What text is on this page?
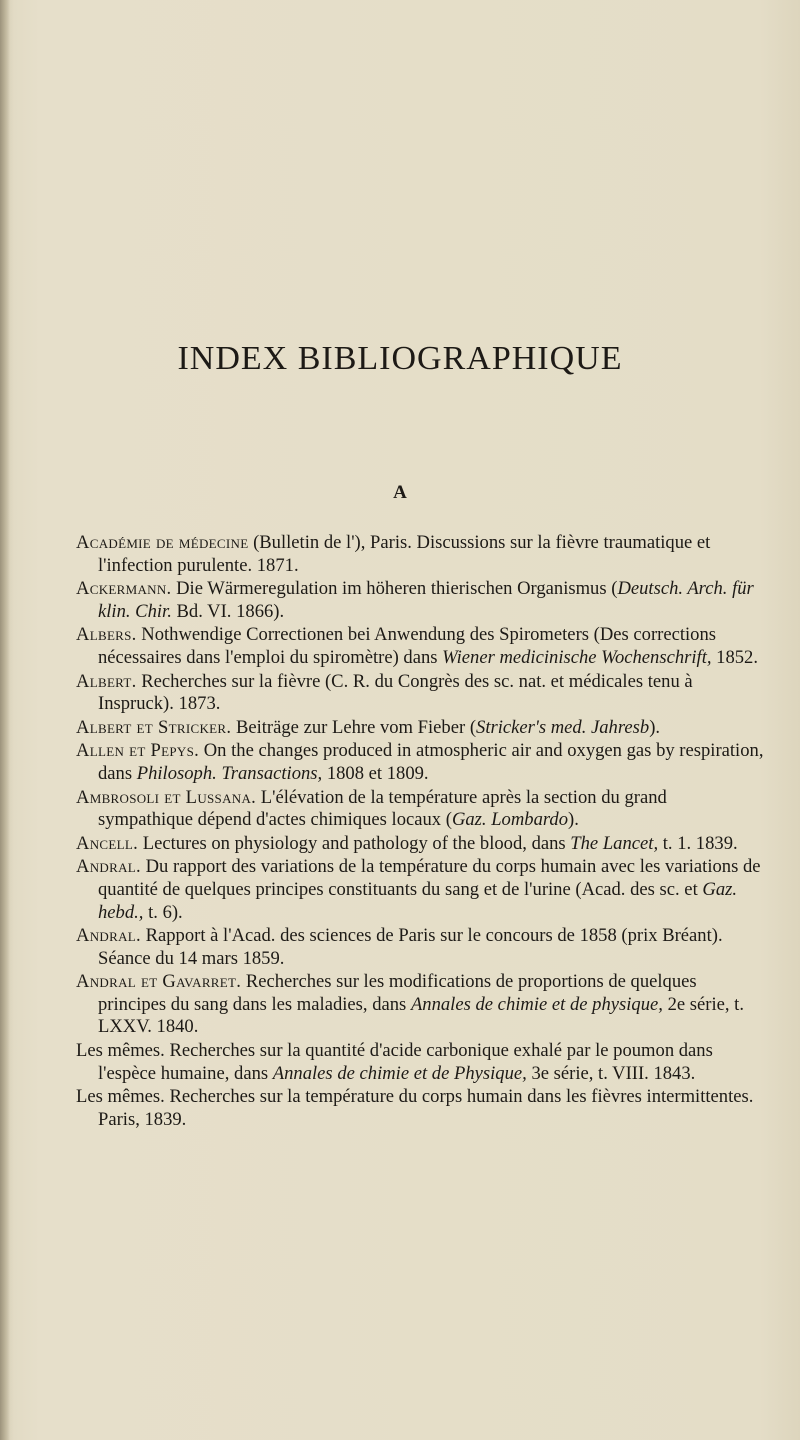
INDEX BIBLIOGRAPHIQUE
A
Académie de médecine (Bulletin de l'), Paris. Discussions sur la fièvre traumatique et l'infection purulente. 1871.
Ackermann. Die Wärmeregulation im höheren thierischen Organismus (Deutsch. Arch. für klin. Chir. Bd. VI. 1866).
Albers. Nothwendige Correctionen bei Anwendung des Spirometers (Des corrections nécessaires dans l'emploi du spiromètre) dans Wiener medicinische Wochenschrift, 1852.
Albert. Recherches sur la fièvre (C. R. du Congrès des sc. nat. et médicales tenu à Inspruck). 1873.
Albert et Stricker. Beiträge zur Lehre vom Fieber (Stricker's med. Jahresb).
Allen et Pepys. On the changes produced in atmospheric air and oxygen gas by respiration, dans Philosoph. Transactions, 1808 et 1809.
Ambrosoli et Lussana. L'élévation de la température après la section du grand sympathique dépend d'actes chimiques locaux (Gaz. Lombardo).
Ancell. Lectures on physiology and pathology of the blood, dans The Lancet, t. 1. 1839.
Andral. Du rapport des variations de la température du corps humain avec les variations de quantité de quelques principes constituants du sang et de l'urine (Acad. des sc. et Gaz. hebd., t. 6).
Andral. Rapport à l'Acad. des sciences de Paris sur le concours de 1858 (prix Bréant). Séance du 14 mars 1859.
Andral et Gavarret. Recherches sur les modifications de proportions de quelques principes du sang dans les maladies, dans Annales de chimie et de physique, 2e série, t. LXXV. 1840.
Les mêmes. Recherches sur la quantité d'acide carbonique exhalé par le poumon dans l'espèce humaine, dans Annales de chimie et de Physique, 3e série, t. VIII. 1843.
Les mêmes. Recherches sur la température du corps humain dans les fièvres intermittentes. Paris, 1839.
